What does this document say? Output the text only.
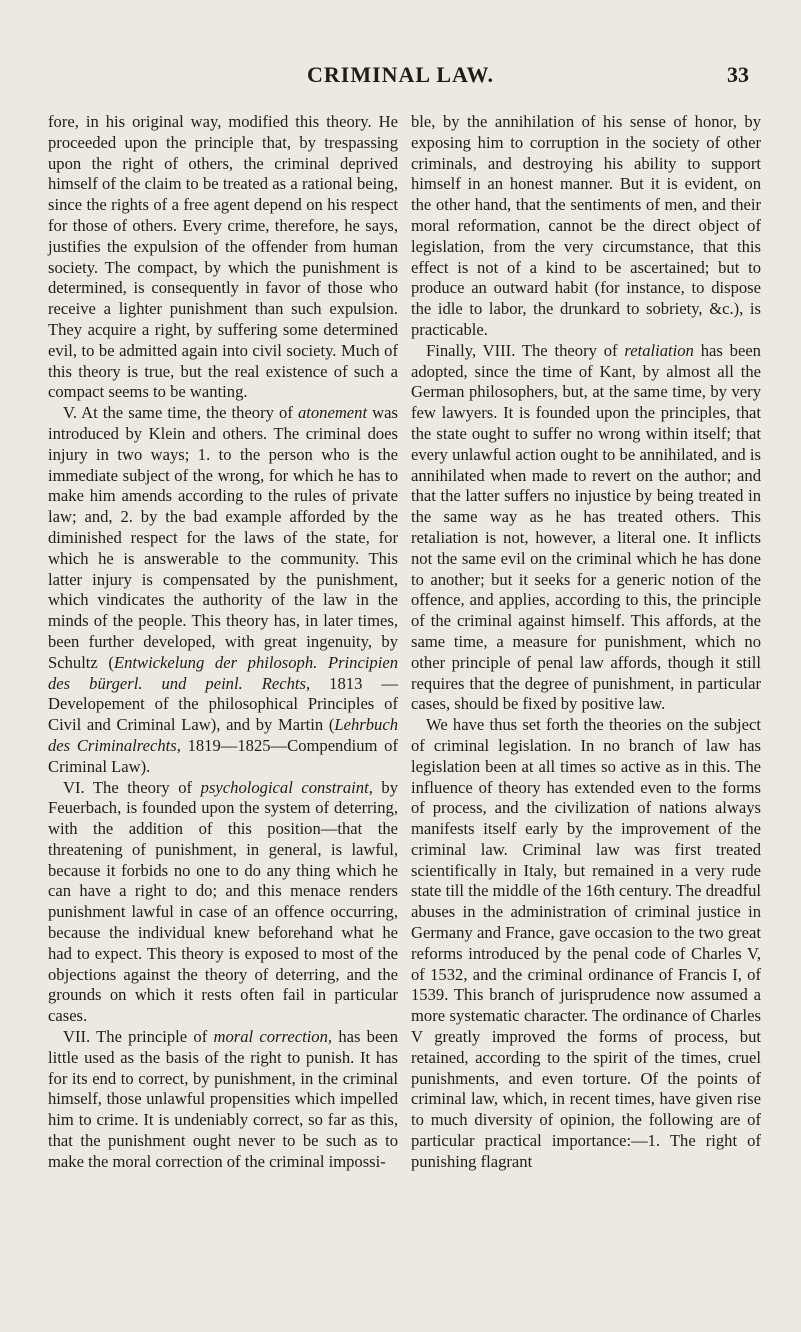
CRIMINAL LAW.	33

fore, in his original way, modified this theory. He proceeded upon the principle that, by trespassing upon the right of others, the criminal deprived himself of the claim to be treated as a rational being, since the rights of a free agent depend on his respect for those of others. Every crime, therefore, he says, justifies the expulsion of the offender from human society. The compact, by which the punishment is determined, is consequently in favor of those who receive a lighter punishment than such expulsion. They acquire a right, by suffering some determined evil, to be admitted again into civil society. Much of this theory is true, but the real existence of such a compact seems to be wanting.

V. At the same time, the theory of atonement was introduced by Klein and others. The criminal does injury in two ways; 1. to the person who is the immediate subject of the wrong, for which he has to make him amends according to the rules of private law; and, 2. by the bad example afforded by the diminished respect for the laws of the state, for which he is answerable to the community. This latter injury is compensated by the punishment, which vindicates the authority of the law in the minds of the people. This theory has, in later times, been further developed, with great ingenuity, by Schultz (Entwickelung der philosoph. Principien des bürgerl. und peinl. Rechts, 1813 —Developement of the philosophical Principles of Civil and Criminal Law), and by Martin (Lehrbuch des Criminalrechts, 1819—1825—Compendium of Criminal Law).

VI. The theory of psychological constraint, by Feuerbach, is founded upon the system of deterring, with the addition of this position—that the threatening of punishment, in general, is lawful, because it forbids no one to do any thing which he can have a right to do; and this menace renders punishment lawful in case of an offence occurring, because the individual knew beforehand what he had to expect. This theory is exposed to most of the objections against the theory of deterring, and the grounds on which it rests often fail in particular cases.

VII. The principle of moral correction, has been little used as the basis of the right to punish. It has for its end to correct, by punishment, in the criminal himself, those unlawful propensities which impelled him to crime. It is undeniably correct, so far as this, that the punishment ought never to be such as to make the moral correction of the criminal impossi-

ble, by the annihilation of his sense of honor, by exposing him to corruption in the society of other criminals, and destroying his ability to support himself in an honest manner. But it is evident, on the other hand, that the sentiments of men, and their moral reformation, cannot be the direct object of legislation, from the very circumstance, that this effect is not of a kind to be ascertained; but to produce an outward habit (for instance, to dispose the idle to labor, the drunkard to sobriety, &c.), is practicable.

Finally, VIII. The theory of retaliation has been adopted, since the time of Kant, by almost all the German philosophers, but, at the same time, by very few lawyers. It is founded upon the principles, that the state ought to suffer no wrong within itself; that every unlawful action ought to be annihilated, and is annihilated when made to revert on the author; and that the latter suffers no injustice by being treated in the same way as he has treated others. This retaliation is not, however, a literal one. It inflicts not the same evil on the criminal which he has done to another; but it seeks for a generic notion of the offence, and applies, according to this, the principle of the criminal against himself. This affords, at the same time, a measure for punishment, which no other principle of penal law affords, though it still requires that the degree of punishment, in particular cases, should be fixed by positive law.

We have thus set forth the theories on the subject of criminal legislation. In no branch of law has legislation been at all times so active as in this. The influence of theory has extended even to the forms of process, and the civilization of nations always manifests itself early by the improvement of the criminal law. Criminal law was first treated scientifically in Italy, but remained in a very rude state till the middle of the 16th century. The dreadful abuses in the administration of criminal justice in Germany and France, gave occasion to the two great reforms introduced by the penal code of Charles V, of 1532, and the criminal ordinance of Francis I, of 1539. This branch of jurisprudence now assumed a more systematic character. The ordinance of Charles V greatly improved the forms of process, but retained, according to the spirit of the times, cruel punishments, and even torture. Of the points of criminal law, which, in recent times, have given rise to much diversity of opinion, the following are of particular practical importance:—1. The right of punishing flagrant
